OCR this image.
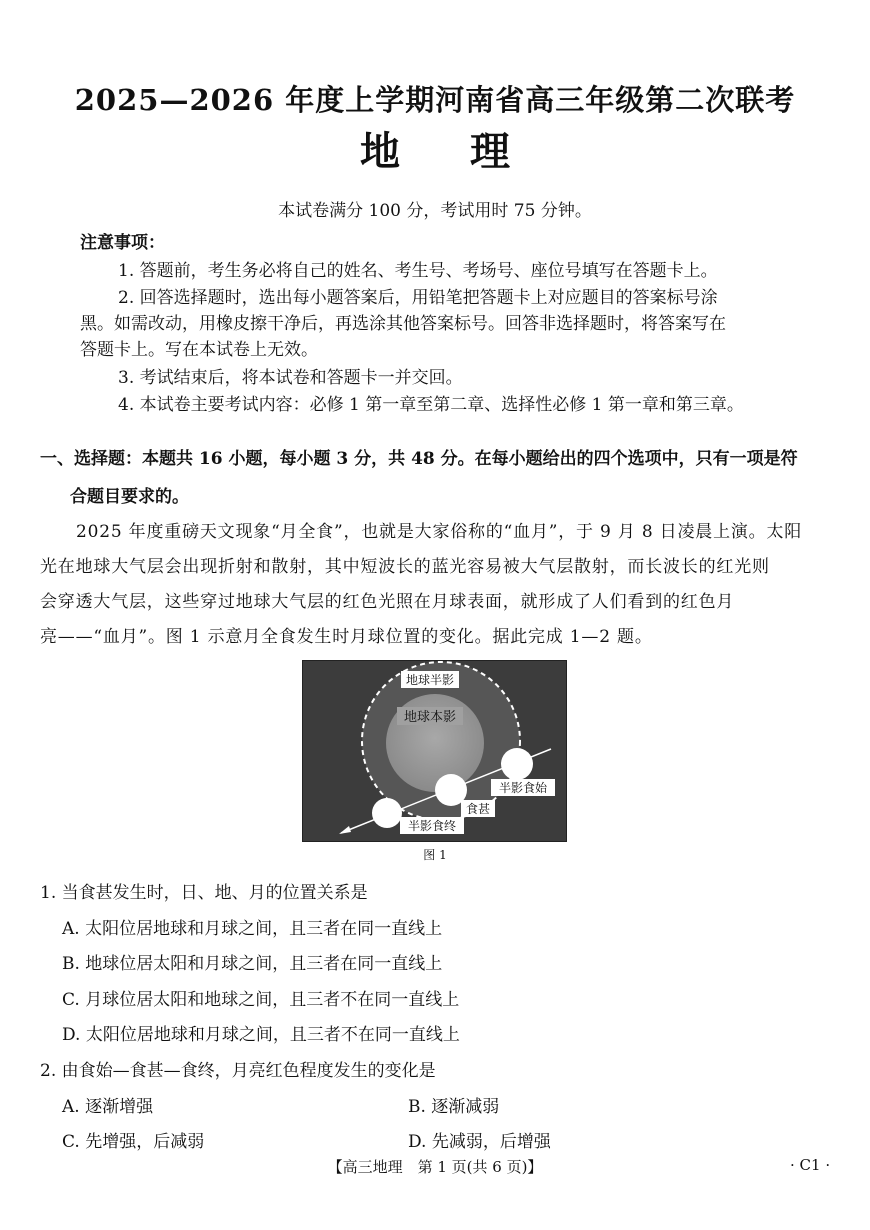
2025—2026 年度上学期河南省高三年级第二次联考
地理
本试卷满分 100 分，考试用时 75 分钟。
注意事项：
1. 答题前，考生务必将自己的姓名、考生号、考场号、座位号填写在答题卡上。
2. 回答选择题时，选出每小题答案后，用铅笔把答题卡上对应题目的答案标号涂
黑。如需改动，用橡皮擦干净后，再选涂其他答案标号。回答非选择题时，将答案写在
答题卡上。写在本试卷上无效。
3. 考试结束后，将本试卷和答题卡一并交回。
4. 本试卷主要考试内容：必修 1 第一章至第二章、选择性必修 1 第一章和第三章。
一、选择题：本题共 16 小题，每小题 3 分，共 48 分。在每小题给出的四个选项中，只有一项是符
合题目要求的。
2025 年度重磅天文现象“月全食”，也就是大家俗称的“血月”，于 9 月 8 日凌晨上演。太阳
光在地球大气层会出现折射和散射，其中短波长的蓝光容易被大气层散射，而长波长的红光则
会穿透大气层，这些穿过地球大气层的红色光照在月球表面，就形成了人们看到的红色月
亮——“血月”。图 1 示意月全食发生时月球位置的变化。据此完成 1—2 题。
地球半影
地球本影
半影食始
食甚
半影食终
图 1
1. 当食甚发生时，日、地、月的位置关系是
A. 太阳位居地球和月球之间，且三者在同一直线上
B. 地球位居太阳和月球之间，且三者在同一直线上
C. 月球位居太阳和地球之间，且三者不在同一直线上
D. 太阳位居地球和月球之间，且三者不在同一直线上
2. 由食始—食甚—食终，月亮红色程度发生的变化是
A. 逐渐增强	B. 逐渐减弱
C. 先增强，后减弱	D. 先减弱，后增强
【高三地理　第 1 页(共 6 页)】	· C1 ·
